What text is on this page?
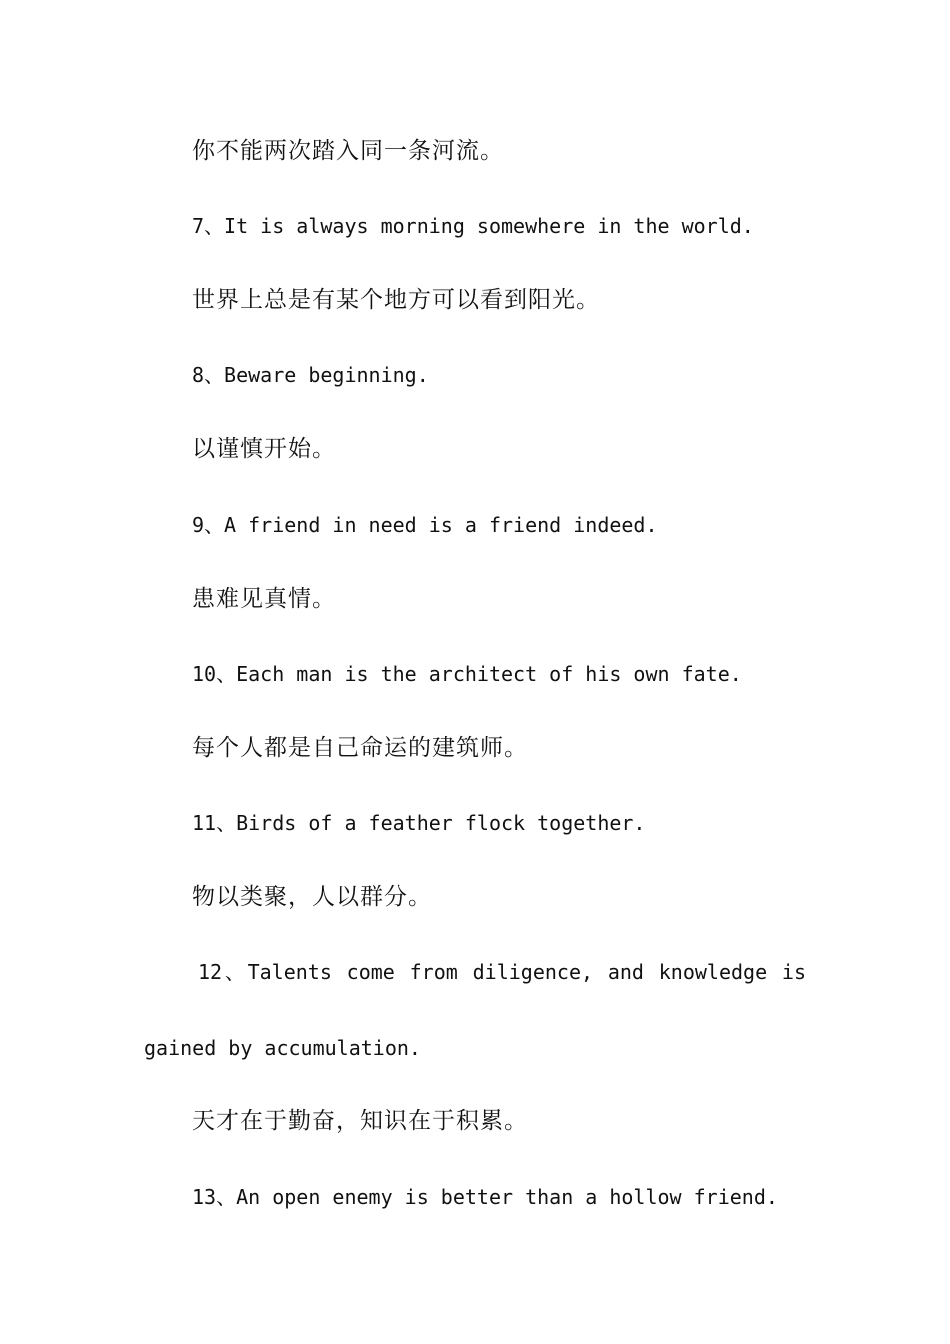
你不能两次踏入同一条河流。
7、It is always morning somewhere in the world.
世界上总是有某个地方可以看到阳光。
8、Beware beginning.
以谨慎开始。
9、A friend in need is a friend indeed.
患难见真情。
10、Each man is the architect of his own fate.
每个人都是自己命运的建筑师。
11、Birds of a feather flock together.
物以类聚，人以群分。
12、Talents come from diligence, and knowledge is
gained by accumulation.
天才在于勤奋，知识在于积累。
13、An open enemy is better than a hollow friend.
